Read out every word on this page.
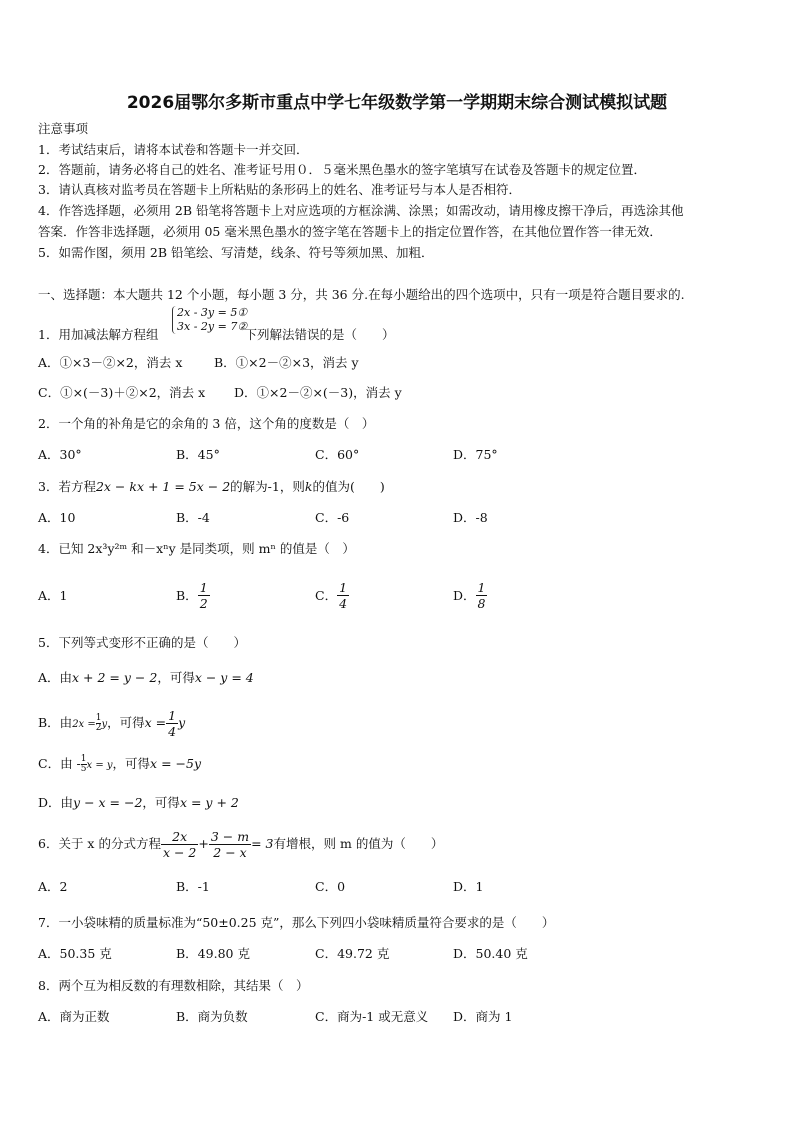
2026届鄂尔多斯市重点中学七年级数学第一学期期末综合测试模拟试题
注意事项
1．考试结束后，请将本试卷和答题卡一并交回．
2．答题前，请务必将自己的姓名、准考证号用０．５毫米黑色墨水的签字笔填写在试卷及答题卡的规定位置．
3．请认真核对监考员在答题卡上所粘贴的条形码上的姓名、准考证号与本人是否相符．
4．作答选择题，必须用 2B 铅笔将答题卡上对应选项的方框涂满、涂黑；如需改动，请用橡皮擦干净后，再选涂其他
答案．作答非选择题，必须用 05 毫米黑色墨水的签字笔在答题卡上的指定位置作答，在其他位置作答一律无效．
5．如需作图，须用 2B 铅笔绘、写清楚，线条、符号等须加黑、加粗．
一、选择题：本大题共 12 个小题，每小题 3 分，共 36 分.在每小题给出的四个选项中，只有一项是符合题目要求的.
1．用加减法解方程组	下列解法错误的是（　　）
2x - 3y = 5①
3x - 2y = 7②
A．①×3－②×2，消去 x	B．①×2－②×3，消去 y
C．①×(－3)＋②×2，消去 x D．①×2－②×(－3)，消去 y
2．一个角的补角是它的余角的 3 倍，这个角的度数是（　）
A．30°	B．45°	C．60°	D．75°
3．若方程2x − kx + 1 = 5x − 2的解为-1，则k的值为(　　)
A．10	B．-4	C．-6	D．-8
4．已知 2x³y²ᵐ 和－xⁿy 是同类项，则 mⁿ 的值是（　）
A．1	B． $\frac{1}{2}$	C． $\frac{1}{4}$	D． $\frac{1}{8}$
5．下列等式变形不正确的是（　　）
A．由x + 2 = y − 2，可得x − y = 4
B．由$2x = \frac{1}{2}$ y，可得$x = \frac{1}{4}$ y
C．由 - $\frac{1}{5}$ x = y，可得x = −5y
D．由y − x = −2，可得x = y + 2
6．关于 x 的分式方程 $\frac{2x}{x - 2} + \frac{3 - m}{2 - x} = 3$有增根，则 m 的值为（　　）
A．2	B．-1	C．0	D．1
7．一小袋味精的质量标准为“50±0.25 克”，那么下列四小袋味精质量符合要求的是（　　）
A．50.35 克	B．49.80 克	C．49.72 克	D．50.40 克
8．两个互为相反数的有理数相除，其结果（　）
A．商为正数	B．商为负数	C．商为-1 或无意义 D．商为 1
